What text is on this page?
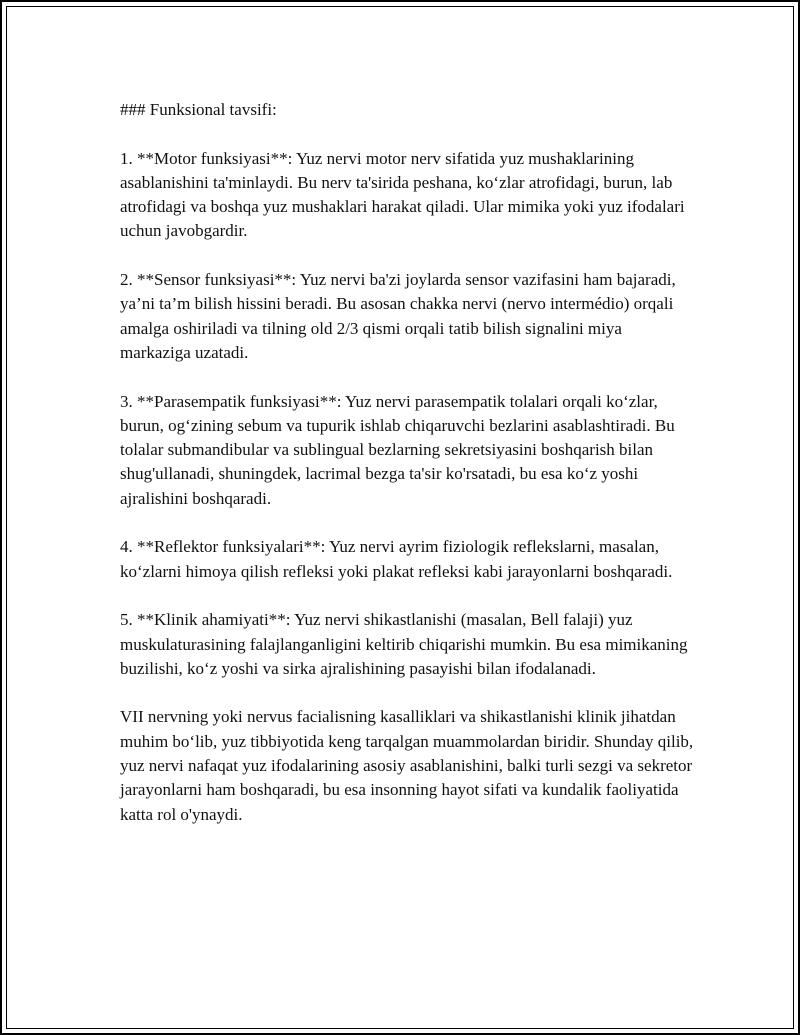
### Funksional tavsifi:

1. **Motor funksiyasi**: Yuz nervi motor nerv sifatida yuz mushaklarining asablanishini ta'minlaydi. Bu nerv ta'sirida peshana, ko‘zlar atrofidagi, burun, lab atrofidagi va boshqa yuz mushaklari harakat qiladi. Ular mimika yoki yuz ifodalari uchun javobgardir.

2. **Sensor funksiyasi**: Yuz nervi ba'zi joylarda sensor vazifasini ham bajaradi, ya’ni ta’m bilish hissini beradi. Bu asosan chakka nervi (nervo intermédio) orqali amalga oshiriladi va tilning old 2/3 qismi orqali tatib bilish signalini miya markaziga uzatadi.

3. **Parasempatik funksiyasi**: Yuz nervi parasempatik tolalari orqali ko‘zlar, burun, og‘zining sebum va tupurik ishlab chiqaruvchi bezlarini asablashtiradi. Bu tolalar submandibular va sublingual bezlarning sekretsiyasini boshqarish bilan shug'ullanadi, shuningdek, lacrimal bezga ta'sir ko'rsatadi, bu esa ko‘z yoshi ajralishini boshqaradi.

4. **Reflektor funksiyalari**: Yuz nervi ayrim fiziologik reflekslarni, masalan, ko‘zlarni himoya qilish refleksi yoki plakat refleksi kabi jarayonlarni boshqaradi.

5. **Klinik ahamiyati**: Yuz nervi shikastlanishi (masalan, Bell falaji) yuz muskulaturasining falajlanganligini keltirib chiqarishi mumkin. Bu esa mimikaning buzilishi, ko‘z yoshi va sirka ajralishining pasayishi bilan ifodalanadi.

VII nervning yoki nervus facialisning kasalliklari va shikastlanishi klinik jihatdan muhim bo‘lib, yuz tibbiyotida keng tarqalgan muammolardan biridir. Shunday qilib, yuz nervi nafaqat yuz ifodalarining asosiy asablanishini, balki turli sezgi va sekretor jarayonlarni ham boshqaradi, bu esa insonning hayot sifati va kundalik faoliyatida katta rol o'ynaydi.
